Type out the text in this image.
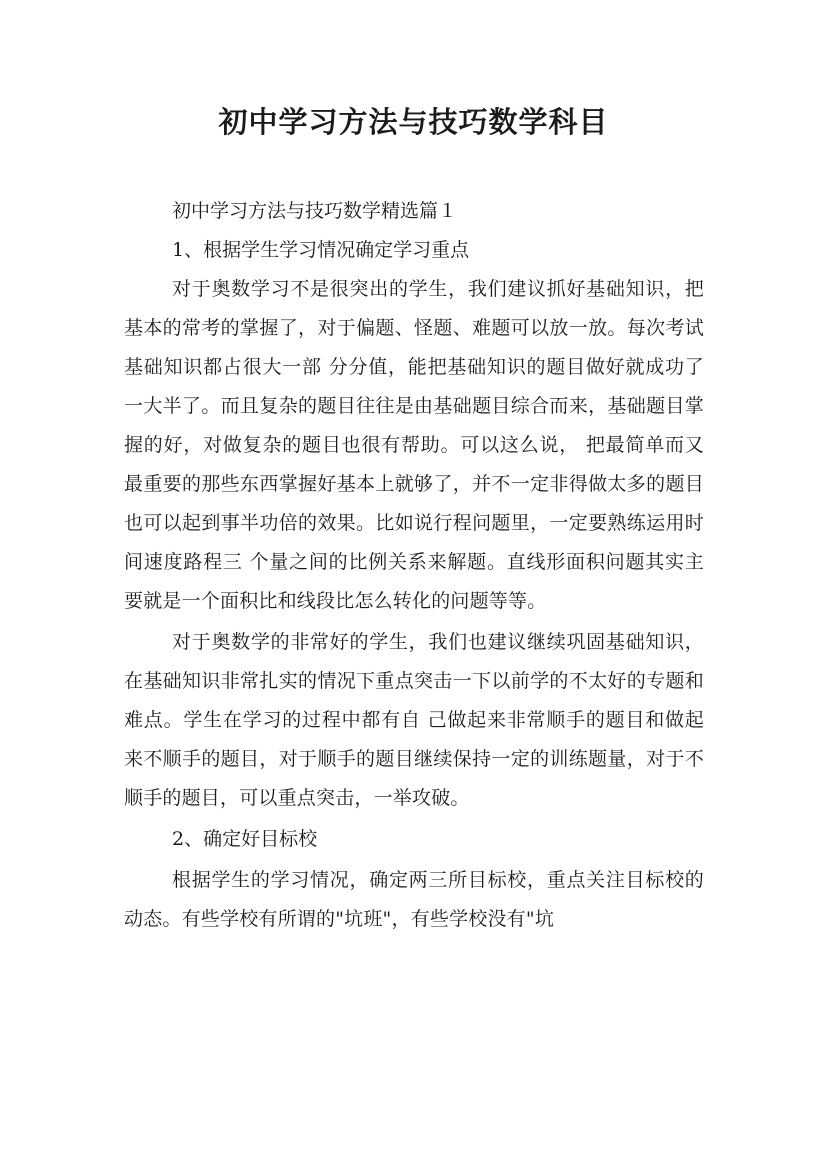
初中学习方法与技巧数学科目

初中学习方法与技巧数学精选篇１

1、根据学生学习情况确定学习重点

对于奥数学习不是很突出的学生，我们建议抓好基础知识，把基本的常考的掌握了，对于偏题、怪题、难题可以放一放。每次考试基础知识都占很大一部 分分值，能把基础知识的题目做好就成功了一大半了。而且复杂的题目往往是由基础题目综合而来，基础题目掌握的好，对做复杂的题目也很有帮助。可以这么说， 把最简单而又最重要的那些东西掌握好基本上就够了，并不一定非得做太多的题目也可以起到事半功倍的效果。比如说行程问题里，一定要熟练运用时间速度路程三 个量之间的比例关系来解题。直线形面积问题其实主要就是一个面积比和线段比怎么转化的问题等等。

对于奥数学的非常好的学生，我们也建议继续巩固基础知识，在基础知识非常扎实的情况下重点突击一下以前学的不太好的专题和难点。学生在学习的过程中都有自 己做起来非常顺手的题目和做起来不顺手的题目，对于顺手的题目继续保持一定的训练题量，对于不顺手的题目，可以重点突击，一举攻破。

2、确定好目标校

根据学生的学习情况，确定两三所目标校，重点关注目标校的动态。有些学校有所谓的"坑班"，有些学校没有"坑
